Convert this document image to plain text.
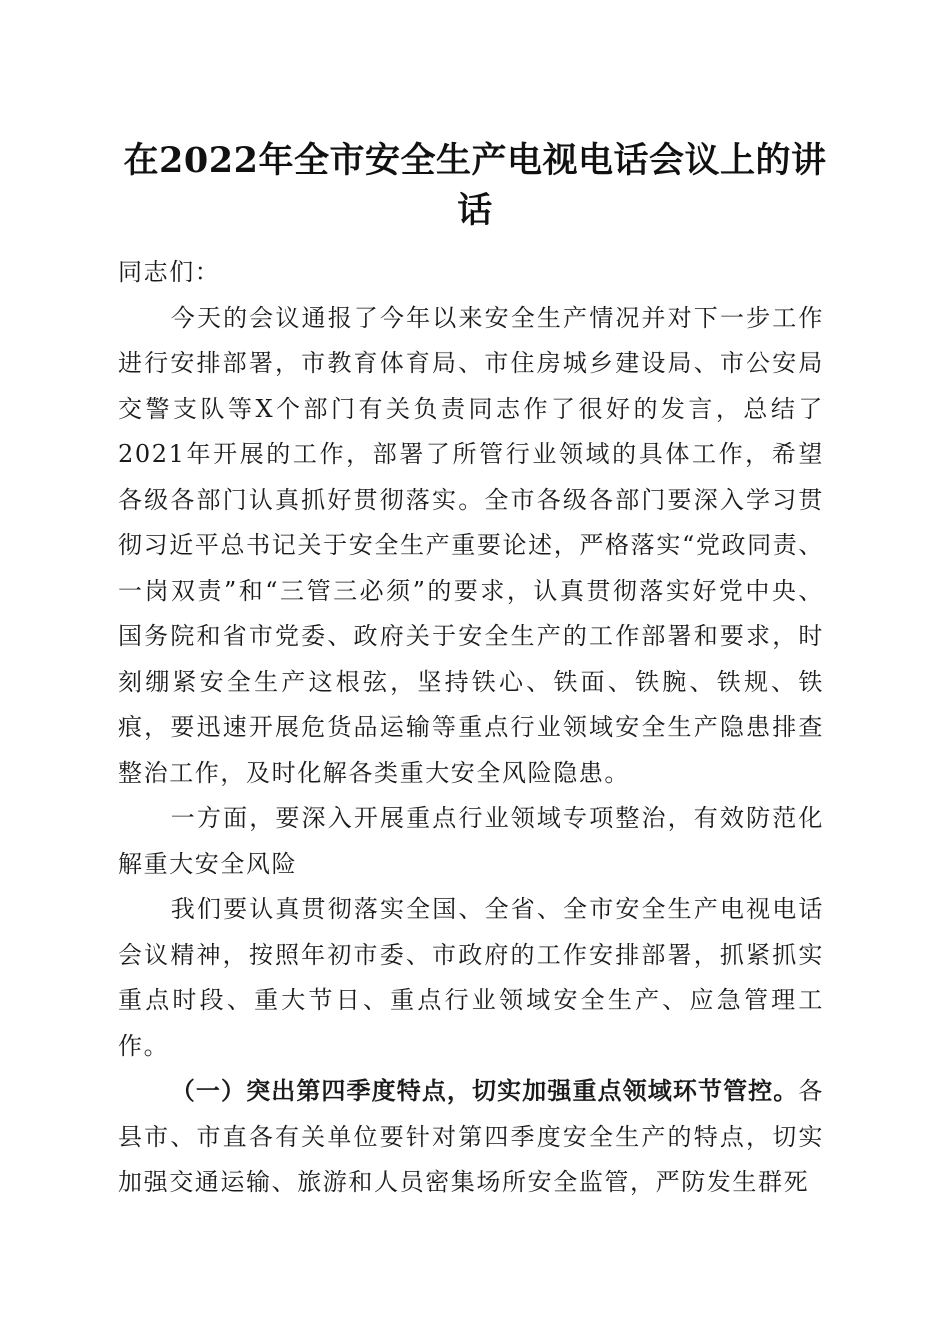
在2022年全市安全生产电视电话会议上的讲话

同志们：

今天的会议通报了今年以来安全生产情况并对下一步工作进行安排部署，市教育体育局、市住房城乡建设局、市公安局交警支队等X个部门有关负责同志作了很好的发言，总结了2021年开展的工作，部署了所管行业领域的具体工作，希望各级各部门认真抓好贯彻落实。全市各级各部门要深入学习贯彻习近平总书记关于安全生产重要论述，严格落实“党政同责、一岗双责”和“三管三必须”的要求，认真贯彻落实好党中央、国务院和省市党委、政府关于安全生产的工作部署和要求，时刻绷紧安全生产这根弦，坚持铁心、铁面、铁腕、铁规、铁痕，要迅速开展危货品运输等重点行业领域安全生产隐患排查整治工作，及时化解各类重大安全风险隐患。

一方面，要深入开展重点行业领域专项整治，有效防范化解重大安全风险

我们要认真贯彻落实全国、全省、全市安全生产电视电话会议精神，按照年初市委、市政府的工作安排部署，抓紧抓实重点时段、重大节日、重点行业领域安全生产、应急管理工作。

（一）突出第四季度特点，切实加强重点领域环节管控。各县市、市直各有关单位要针对第四季度安全生产的特点，切实加强交通运输、旅游和人员密集场所安全监管，严防发生群死
